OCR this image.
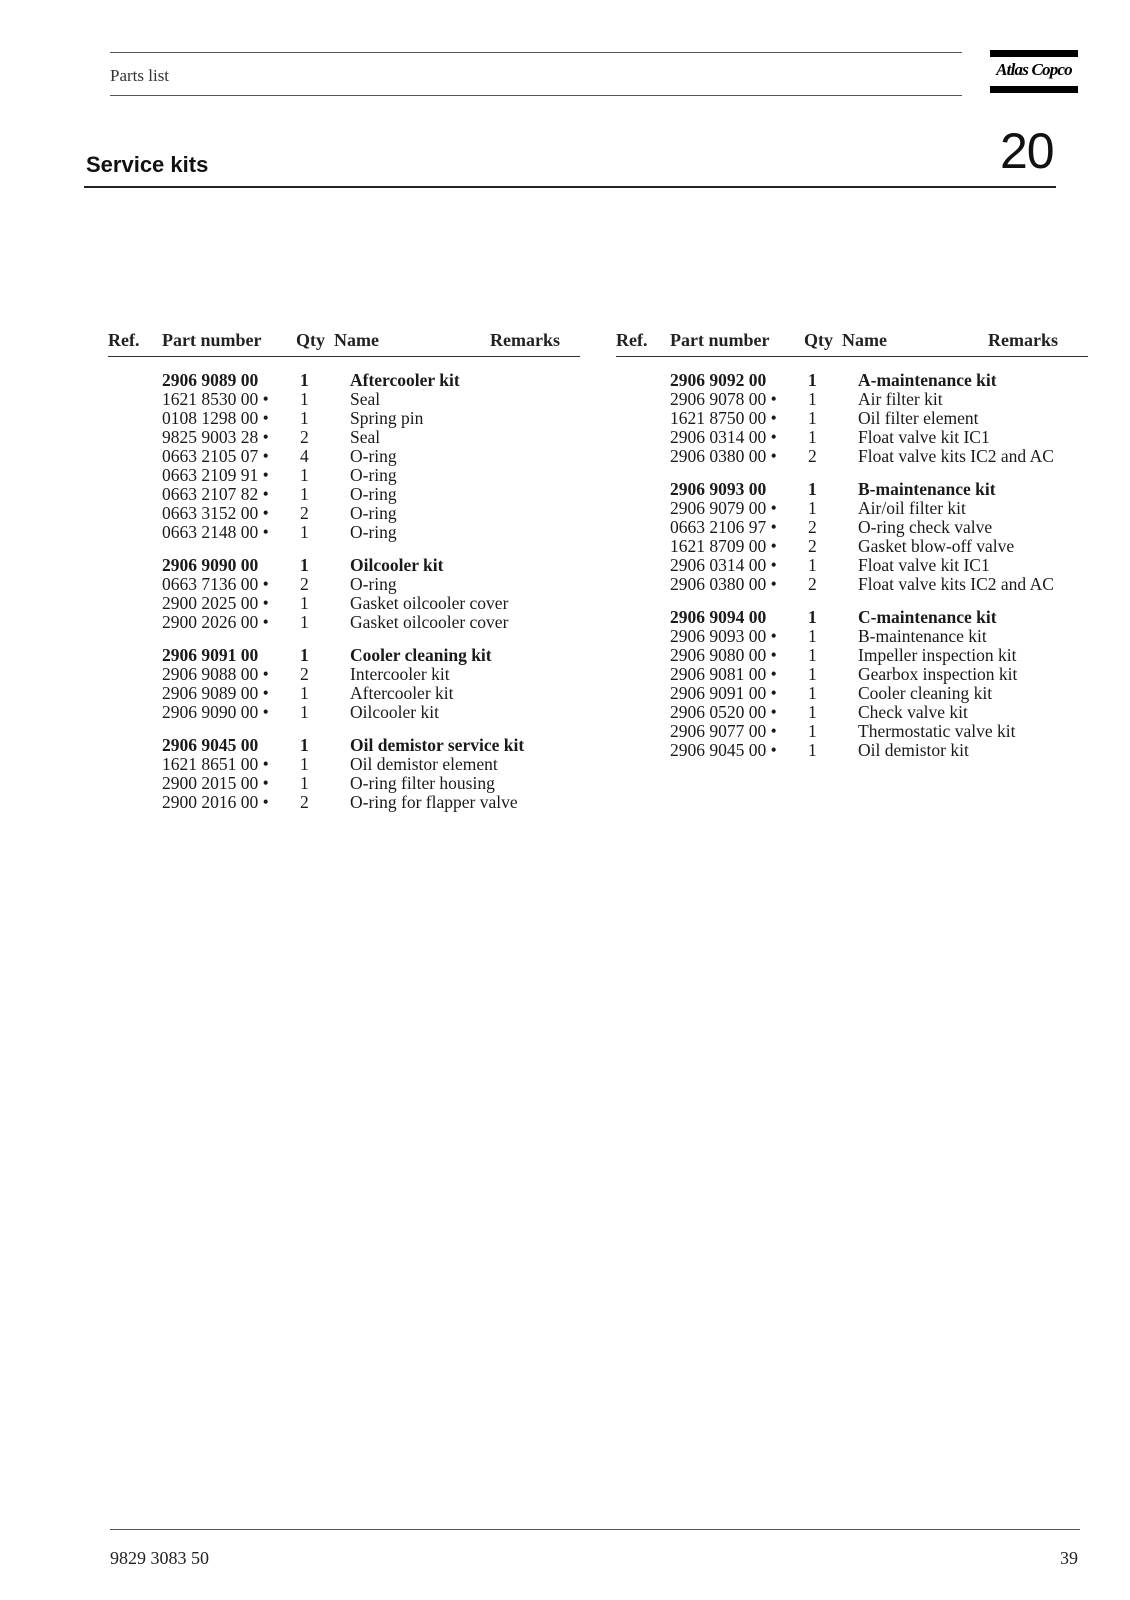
Parts list	Atlas Copco
Service kits	20
Ref. Part number Qty Name	Remarks
2906 9089 00 1 Aftercooler kit
1621 8530 00 • 1 Seal
0108 1298 00 • 1 Spring pin
9825 9003 28 • 2 Seal
0663 2105 07 • 4 O-ring
0663 2109 91 • 1 O-ring
0663 2107 82 • 1 O-ring
0663 3152 00 • 2 O-ring
0663 2148 00 • 1 O-ring
2906 9090 00 1 Oilcooler kit
0663 7136 00 • 2 O-ring
2900 2025 00 • 1 Gasket oilcooler cover
2900 2026 00 • 1 Gasket oilcooler cover
2906 9091 00 1 Cooler cleaning kit
2906 9088 00 • 2 Intercooler kit
2906 9089 00 • 1 Aftercooler kit
2906 9090 00 • 1 Oilcooler kit
2906 9045 00 1 Oil demistor service kit
1621 8651 00 • 1 Oil demistor element
2900 2015 00 • 1 O-ring filter housing
2900 2016 00 • 2 O-ring for flapper valve
Ref. Part number Qty Name	Remarks
2906 9092 00 1 A-maintenance kit
2906 9078 00 • 1 Air filter kit
1621 8750 00 • 1 Oil filter element
2906 0314 00 • 1 Float valve kit IC1
2906 0380 00 • 2 Float valve kits IC2 and AC
2906 9093 00 1 B-maintenance kit
2906 9079 00 • 1 Air/oil filter kit
0663 2106 97 • 2 O-ring check valve
1621 8709 00 • 2 Gasket blow-off valve
2906 0314 00 • 1 Float valve kit IC1
2906 0380 00 • 2 Float valve kits IC2 and AC
2906 9094 00 1 C-maintenance kit
2906 9093 00 • 1 B-maintenance kit
2906 9080 00 • 1 Impeller inspection kit
2906 9081 00 • 1 Gearbox inspection kit
2906 9091 00 • 1 Cooler cleaning kit
2906 0520 00 • 1 Check valve kit
2906 9077 00 • 1 Thermostatic valve kit
2906 9045 00 • 1 Oil demistor kit
9829 3083 50	39
